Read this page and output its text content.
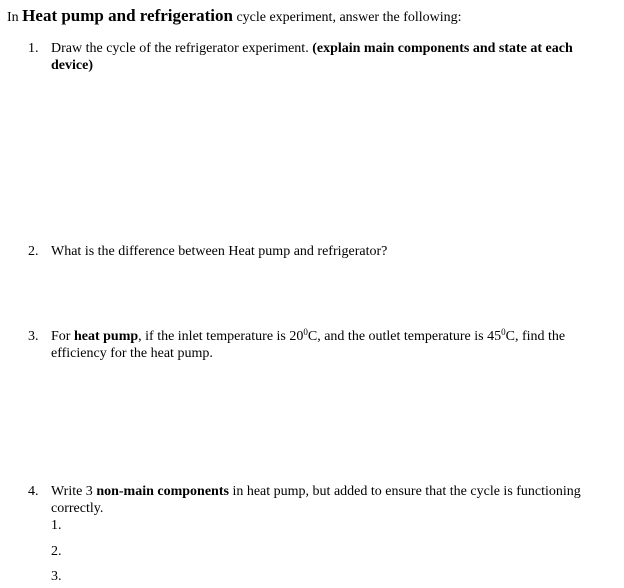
In Heat pump and refrigeration cycle experiment, answer the following:
1. Draw the cycle of the refrigerator experiment. (explain main components and state at each device)
2. What is the difference between Heat pump and refrigerator?
3. For heat pump, if the inlet temperature is $20^0C$, and the outlet temperature is $45^0C$, find the efficiency for the heat pump.
4. Write 3 non-main components in heat pump, but added to ensure that the cycle is functioning correctly.
1.
2.
3.
